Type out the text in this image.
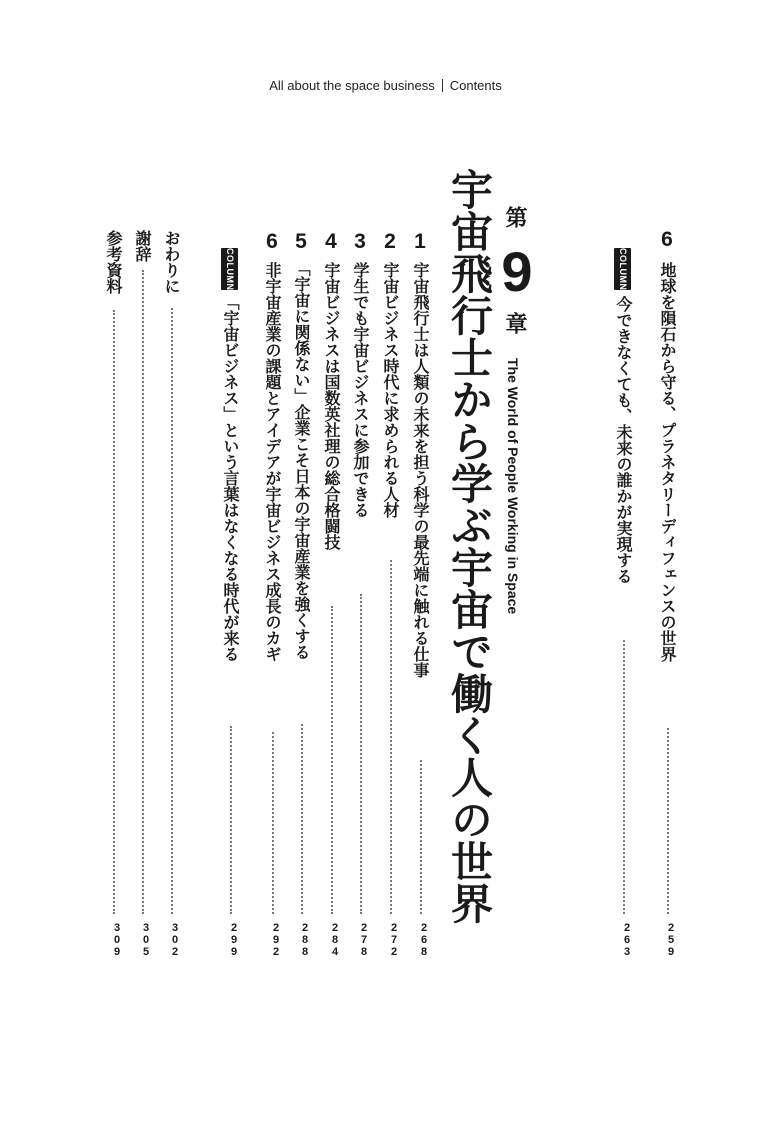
All about the space business Contents
第
9
章
The World of People Working in Space
宇宙飛行士から学ぶ宇宙で働く人の世界	6
地球を隕石から守る、プラネタリーディフェンスの世界
259
COLUMN
今できなくても、未来の誰かが実現する
263
1
宇宙飛行士は人類の未来を担う科学の最先端に触れる仕事
268
2
宇宙ビジネス時代に求められる人材
272
3
学生でも宇宙ビジネスに参加できる
278
4
宇宙ビジネスは国数英社理の総合格闘技
284
5
「宇宙に関係ない」企業こそ日本の宇宙産業を強くする
288
6
非宇宙産業の課題とアイデアが宇宙ビジネス成長のカギ
292
COLUMN
「宇宙ビジネス」という言葉はなくなる時代が来る
299
おわりに
302
謝辞
305
参考資料
309
